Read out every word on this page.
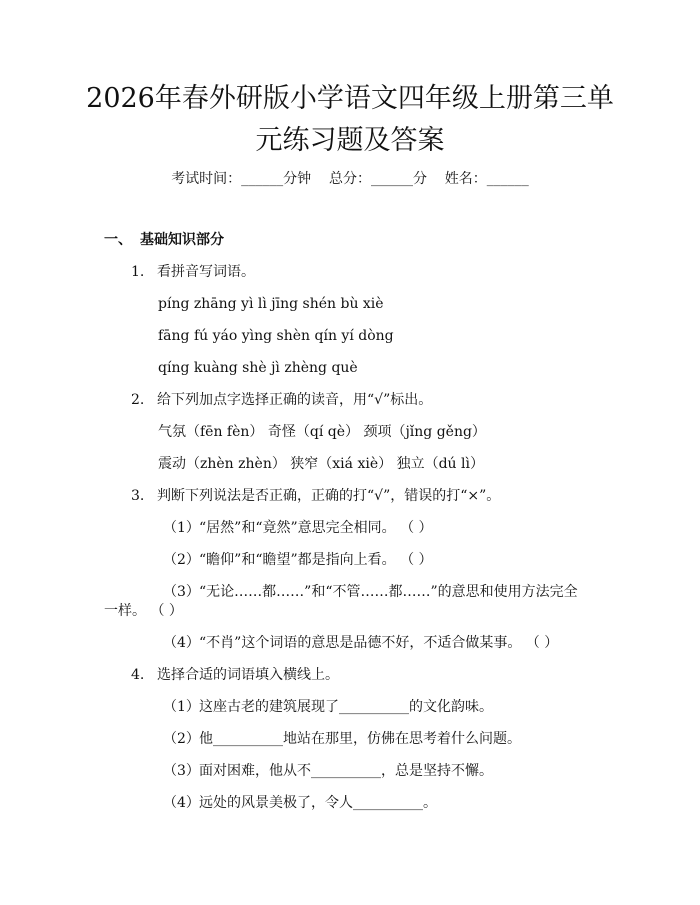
2026年春外研版小学语文四年级上册第三单
元练习题及答案
考试时间：______分钟    总分：______分    姓名：______
一、 基础知识部分
1. 看拼音写词语。
píng zhāng yì lì jīng shén bù xiè
fāng fú yáo yìng shèn qín yí dòng
qíng kuàng shè jì zhèng què
2. 给下列加点字选择正确的读音，用“√”标出。
气氛（fēn fèn） 奇怪（qí qè） 颈项（jǐng gěng）
震动（zhèn zhèn） 狭窄（xiá xiè） 独立（dú lì）
3. 判断下列说法是否正确，正确的打“√”，错误的打“×”。
（1）“居然”和“竟然”意思完全相同。 （ ）
（2）“瞻仰”和“瞻望”都是指向上看。 （ ）
（3）“无论……都……”和“不管……都……”的意思和使用方法完全
一样。 （ ）
（4）“不肖”这个词语的意思是品德不好，不适合做某事。 （ ）
4. 选择合适的词语填入横线上。
（1）这座古老的建筑展现了__________的文化韵味。
（2）他__________地站在那里，仿佛在思考着什么问题。
（3）面对困难，他从不__________，总是坚持不懈。
（4）远处的风景美极了，令人__________。
